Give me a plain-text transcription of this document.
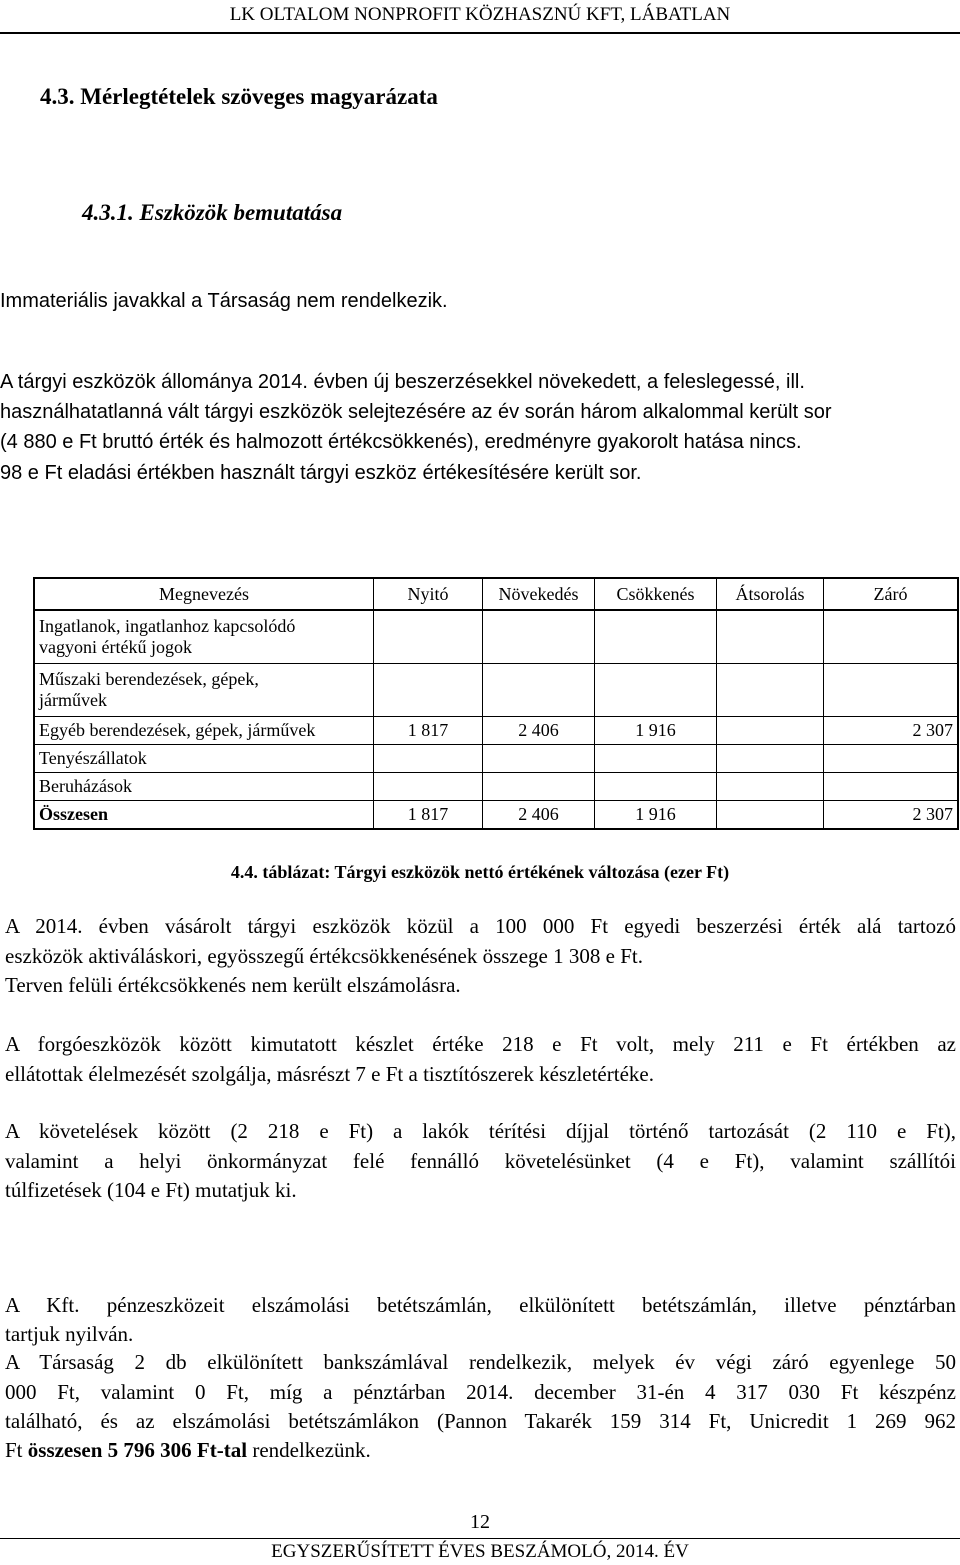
LK OLTALOM NONPROFIT KÖZHASZNÚ KFT, LÁBATLAN
4.3. Mérlegtételek szöveges magyarázata
4.3.1. Eszközök bemutatása
Immateriális javakkal a Társaság nem rendelkezik.
A tárgyi eszközök állománya 2014. évben új beszerzésekkel növekedett, a feleslegessé, ill.
használhatatlanná vált tárgyi eszközök selejtezésére az év során három alkalommal került sor
(4 880 e Ft bruttó érték és halmozott értékcsökkenés), eredményre gyakorolt hatása nincs.
98 e Ft eladási értékben használt tárgyi eszköz értékesítésére került sor.
Megnevezés	Nyitó	Növekedés	Csökkenés	Átsorolás	Záró

Ingatlanok, ingatlanhoz kapcsolódó
vagyoni értékű jogok					

Műszaki berendezések, gépek,
járművek					

Egyéb berendezések, gépek, járművek	1 817	2 406	1 916		2 307
Tenyészállatok					
Beruházások					
Összesen	1 817	2 406	1 916		2 307
4.4. táblázat: Tárgyi eszközök nettó értékének változása (ezer Ft)
A 2014. évben vásárolt tárgyi eszközök közül a 100 000 Ft egyedi beszerzési érték alá tartozó
eszközök aktiváláskori, egyösszegű értékcsökkenésének összege 1 308 e Ft.
Terven felüli értékcsökkenés nem került elszámolásra.
A forgóeszközök között kimutatott készlet értéke 218 e Ft volt, mely 211 e Ft értékben az
ellátottak élelmezését szolgálja, másrészt 7 e Ft a tisztítószerek készletértéke.
A követelések között (2 218 e Ft) a lakók térítési díjjal történő tartozását (2 110 e Ft),
valamint a helyi önkormányzat felé fennálló követelésünket (4 e Ft), valamint szállítói
túlfizetések (104 e Ft) mutatjuk ki.
A Kft. pénzeszközeit elszámolási betétszámlán, elkülönített betétszámlán, illetve pénztárban
tartjuk nyilván.
A Társaság 2 db elkülönített bankszámlával rendelkezik, melyek év végi záró egyenlege 50
000 Ft, valamint 0 Ft, míg a pénztárban 2014. december 31-én 4 317 030 Ft készpénz
található, és az elszámolási betétszámlákon (Pannon Takarék 159 314 Ft, Unicredit 1 269 962
Ft összesen 5 796 306 Ft-tal rendelkezünk.
12
EGYSZERŰSÍTETT ÉVES BESZÁMOLÓ, 2014. ÉV
